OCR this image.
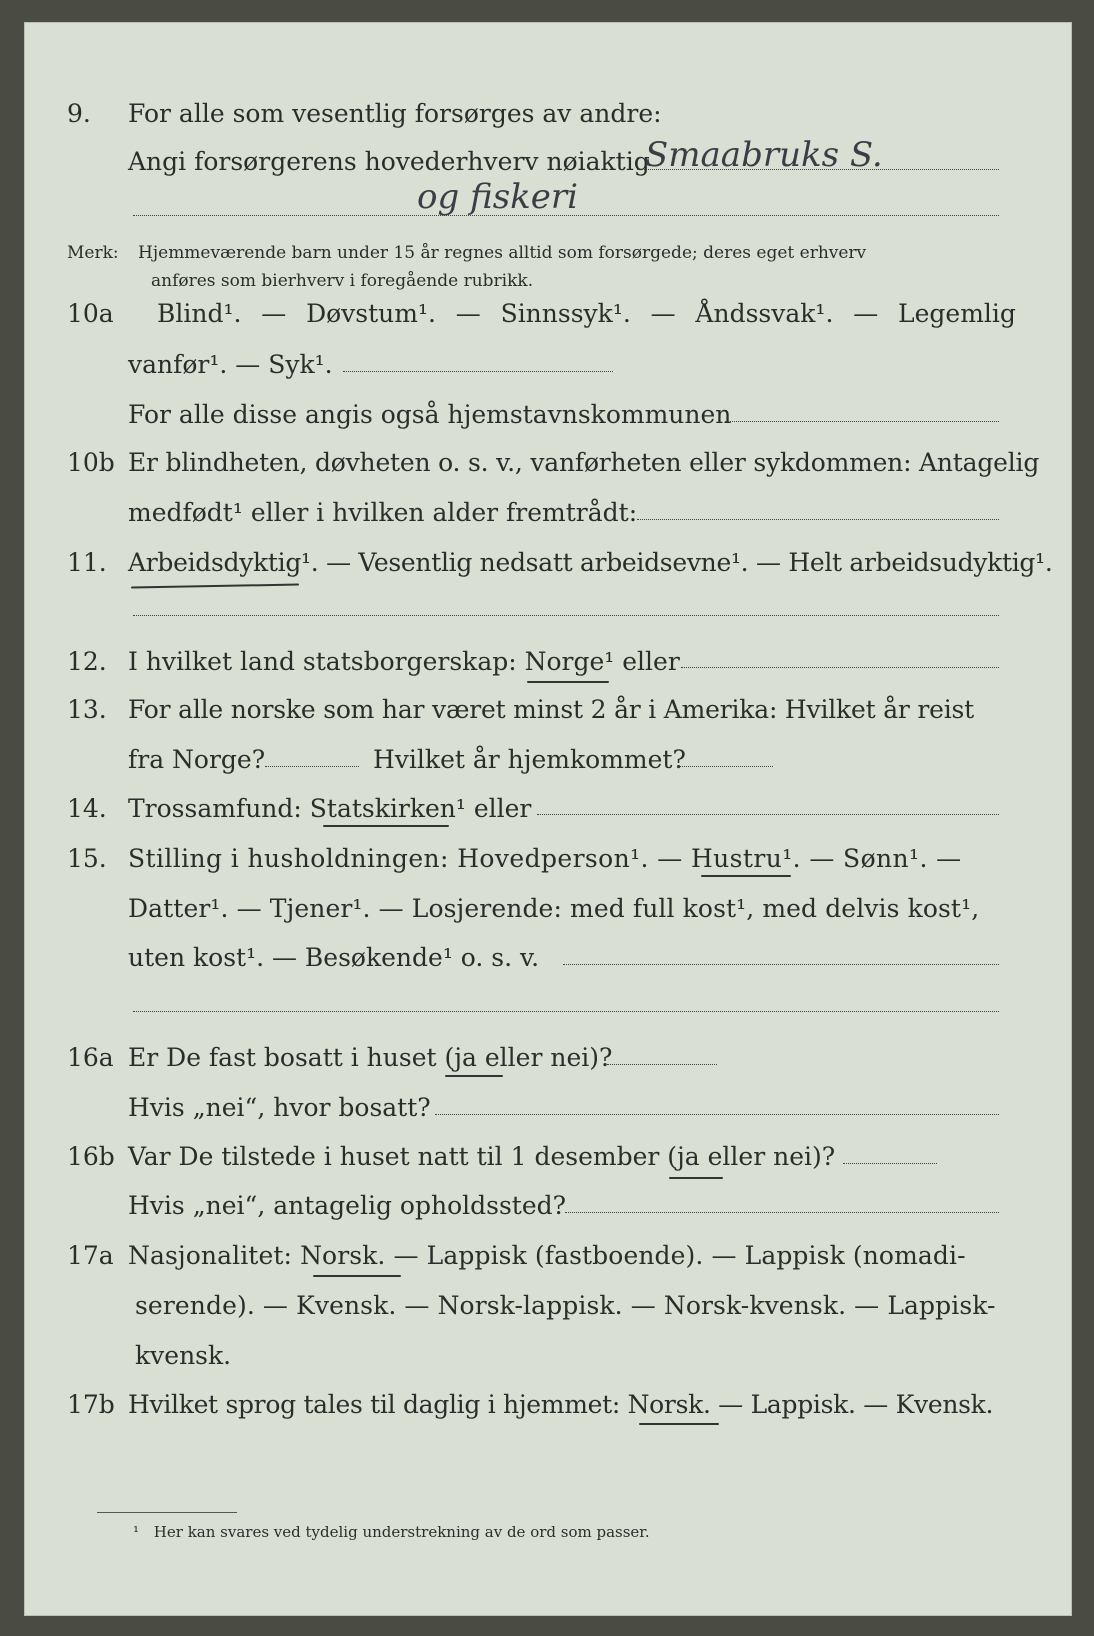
9. For alle som vesentlig forsørges av andre:
Angi forsørgerens hovederhverv nøiaktig
Smaabruks S.
og fiskeri
Merk: Hjemmeværende barn under 15 år regnes alltid som forsørgede; deres eget erhverv
anføres som bierhverv i foregående rubrikk.
10a Blind¹. — Døvstum¹. — Sinnssyk¹. — Åndssvak¹. — Legemlig
vanfør¹. — Syk¹.
For alle disse angis også hjemstavnskommunen
10b Er blindheten, døvheten o. s. v., vanførheten eller sykdommen: Antagelig
medfødt¹ eller i hvilken alder fremtrådt:
11. Arbeidsdyktig¹. — Vesentlig nedsatt arbeidsevne¹. — Helt arbeidsudyktig¹.
12. I hvilket land statsborgerskap: Norge¹ eller
13. For alle norske som har været minst 2 år i Amerika: Hvilket år reist
fra Norge?	Hvilket år hjemkommet?
14. Trossamfund: Statskirken¹ eller
15. Stilling i husholdningen: Hovedperson¹. — Hustru¹. — Sønn¹. —
Datter¹. — Tjener¹. — Losjerende: med full kost¹, med delvis kost¹,
uten kost¹. — Besøkende¹ o. s. v.
16a Er De fast bosatt i huset (ja eller nei)?
Hvis „nei“, hvor bosatt?
16b Var De tilstede i huset natt til 1 desember (ja eller nei)?
Hvis „nei“, antagelig opholdssted?
17a Nasjonalitet: Norsk. — Lappisk (fastboende). — Lappisk (nomadi-
serende). — Kvensk. — Norsk-lappisk. — Norsk-kvensk. — Lappisk-
kvensk.
17b Hvilket sprog tales til daglig i hjemmet: Norsk. — Lappisk. — Kvensk.
¹ Her kan svares ved tydelig understrekning av de ord som passer.
